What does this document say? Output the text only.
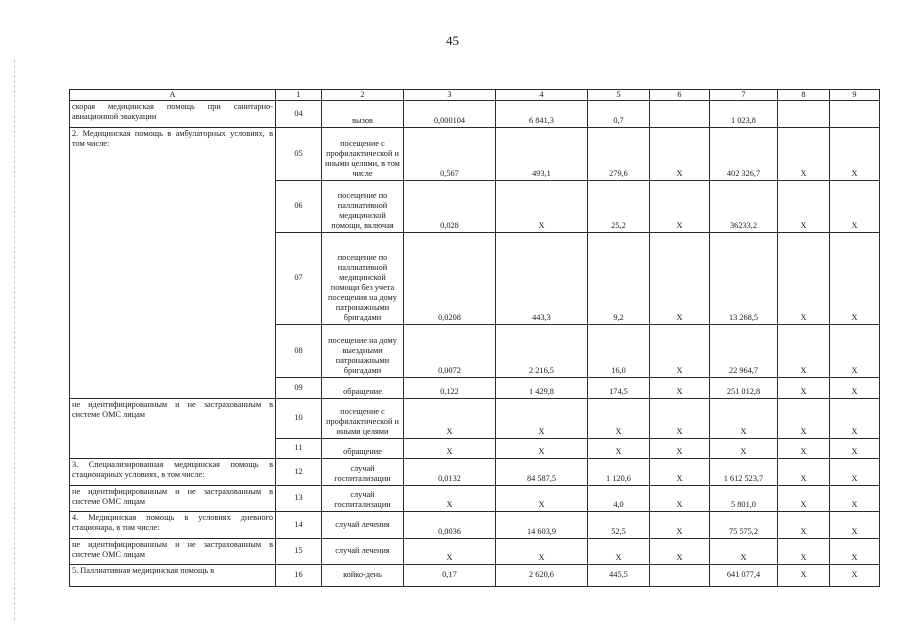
45
А	1	2	3	4	5	6	7	8	9
скорая медицинская помощь при санитарно-авиационной эвакуации	04	вызов	0,000104	6 841,3	0,7		1 023,8		
2. Медицинская помощь в амбулаторных условиях, в том числе:	05	посещение с профилактической и иными целями, в том числе	0,567	493,1	279,6	Х	402 326,7	Х	Х
	06	посещение по паллиативной медицинской помощи, включая	0,028	Х	25,2	Х	36233,2	Х	Х
	07	посещение по паллиативной медицинской помощи без учета посещения на дому патронажными бригадами	0,0208	443,3	9,2	Х	13 268,5	Х	Х
	08	посещение на дому выездными патронажными бригадами	0,0072	2 216,5	16,0	Х	22 964,7	Х	Х
	09	обращение	0,122	1 429,8	174,5	Х	251 012,8	Х	Х
не идентифицированным и не застрахованным в системе ОМС лицам	10	посещение с профилактической и иными целями	Х	Х	Х	Х	Х	Х	Х
	11	обращение	Х	Х	Х	Х	Х	Х	Х
3. Специализированная медицинская помощь в стационарных условиях, в том числе:	12	случай госпитализации	0,0132	84 587,5	1 120,6	Х	1 612 523,7	Х	Х
не идентифицированным и не застрахованным в системе ОМС лицам	13	случай госпитализации	Х	Х	4,0	Х	5 801,0	Х	Х
4. Медицинская помощь в условиях дневного стационара, в том числе:	14	случай лечения	0,0036	14 603,9	52,5	Х	75 575,2	Х	Х
не идентифицированным и не застрахованным в системе ОМС лицам	15	случай лечения	Х	Х	Х	Х	Х	Х	Х
5. Паллиативная медицинская помощь в	16	койко-день	0,17	2 620,6	445,5		641 077,4	Х	Х
